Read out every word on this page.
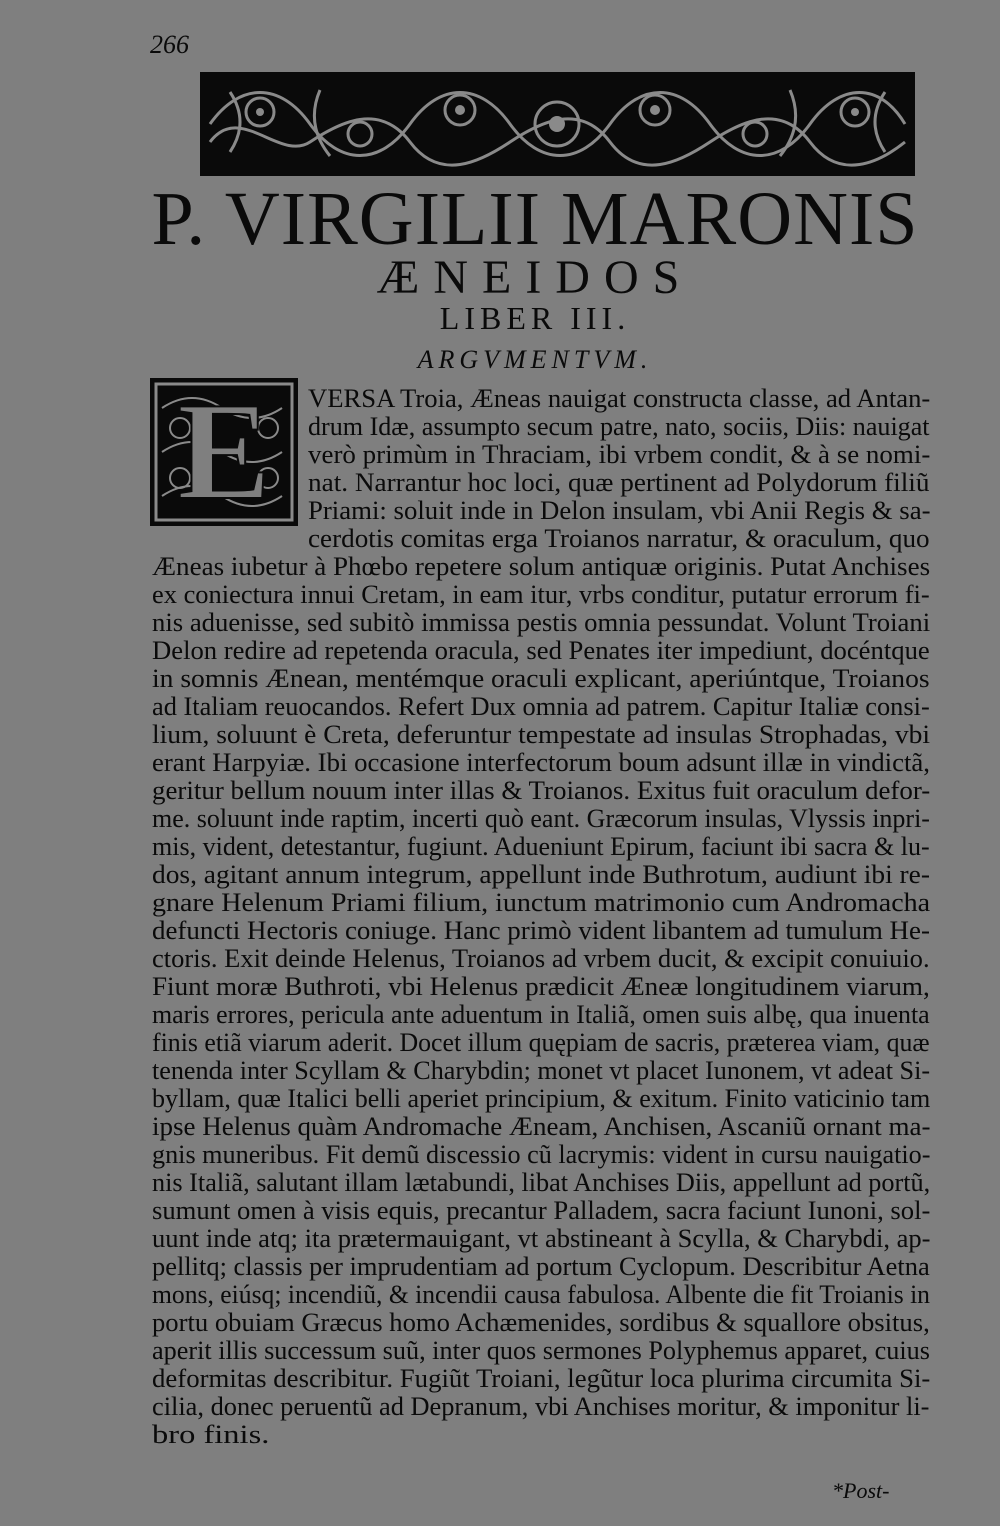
266
P. VIRGILII MARONIS
ÆNEIDOS
LIBER III.
ARGVMENTVM.
E	VERSA Troia, Æneas nauigat constructa classe, ad Antan-
drum Idæ, assumpto secum patre, nato, sociis, Diis: nauigat
verò primùm in Thraciam, ibi vrbem condit, & à se nomi-
nat. Narrantur hoc loci, quæ pertinent ad Polydorum filiũ
Priami: soluit inde in Delon insulam, vbi Anii Regis & sa-
cerdotis comitas erga Troianos narratur, & oraculum, quo
Æneas iubetur à Phœbo repetere solum antiquæ originis. Putat Anchises
ex coniectura innui Cretam, in eam itur, vrbs conditur, putatur errorum fi-
nis aduenisse, sed subitò immissa pestis omnia pessundat. Volunt Troiani
Delon redire ad repetenda oracula, sed Penates iter impediunt, docéntque
in somnis Ænean, mentémque oraculi explicant, aperiúntque, Troianos
ad Italiam reuocandos. Refert Dux omnia ad patrem. Capitur Italiæ consi-
lium, soluunt è Creta, deferuntur tempestate ad insulas Strophadas, vbi
erant Harpyiæ. Ibi occasione interfectorum boum adsunt illæ in vindictã,
geritur bellum nouum inter illas & Troianos. Exitus fuit oraculum defor-
me. soluunt inde raptim, incerti quò eant. Græcorum insulas, Vlyssis inpri-
mis, vident, detestantur, fugiunt. Adueniunt Epirum, faciunt ibi sacra & lu-
dos, agitant annum integrum, appellunt inde Buthrotum, audiunt ibi re-
gnare Helenum Priami filium, iunctum matrimonio cum Andromacha
defuncti Hectoris coniuge. Hanc primò vident libantem ad tumulum He-
ctoris. Exit deinde Helenus, Troianos ad vrbem ducit, & excipit conuiuio.
Fiunt moræ Buthroti, vbi Helenus prædicit Æneæ longitudinem viarum,
maris errores, pericula ante aduentum in Italiã, omen suis albę, qua inuenta
finis etiã viarum aderit. Docet illum quępiam de sacris, præterea viam, quæ
tenenda inter Scyllam & Charybdin; monet vt placet Iunonem, vt adeat Si-
byllam, quæ Italici belli aperiet principium, & exitum. Finito vaticinio tam
ipse Helenus quàm Andromache Æneam, Anchisen, Ascaniũ ornant ma-
gnis muneribus. Fit demũ discessio cũ lacrymis: vident in cursu nauigatio-
nis Italiã, salutant illam lætabundi, libat Anchises Diis, appellunt ad portũ,
sumunt omen à visis equis, precantur Palladem, sacra faciunt Iunoni, sol-
uunt inde atq; ita prætermauigant, vt abstineant à Scylla, & Charybdi, ap-
pellitq; classis per imprudentiam ad portum Cyclopum. Describitur Aetna
mons, eiúsq; incendiũ, & incendii causa fabulosa. Albente die fit Troianis in
portu obuiam Græcus homo Achæmenides, sordibus & squallore obsitus,
aperit illis successum suũ, inter quos sermones Polyphemus apparet, cuius
deformitas describitur. Fugiũt Troiani, legũtur loca plurima circumita Si-
cilia, donec peruentũ ad Depranum, vbi Anchises moritur, & imponitur li-
bro finis.
*Post-
